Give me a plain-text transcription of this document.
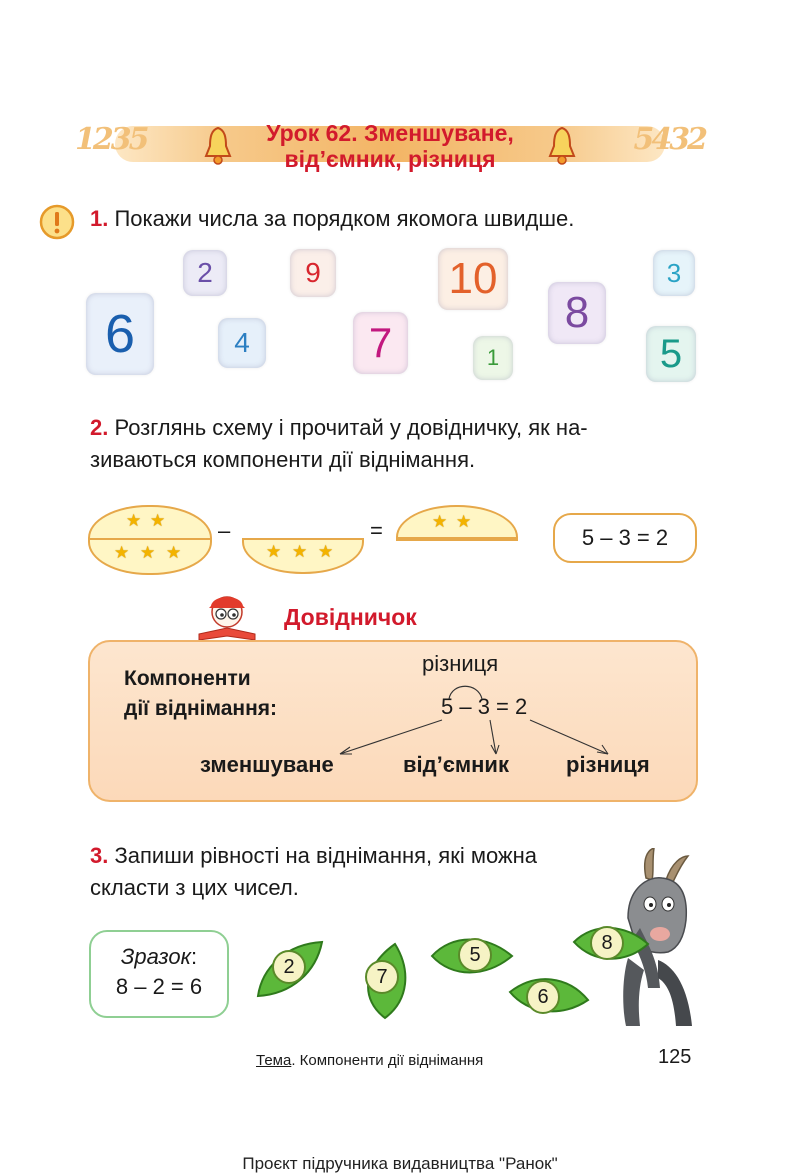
1235	5432
Урок 62. Зменшуване,
від’ємник, різниця
1. Покажи числа за порядком якомога швидше.
6
2
4
9
7
10
1
8
3
5
2. Розглянь схему і прочитай у довідничку, як на-
зиваються компоненти дії віднімання.
★ ★
★ ★ ★
–
★ ★ ★
=	★ ★
5 – 3 = 2
Довідничок
Компоненти
дії віднімання:
різниця
5 – 3 = 2
зменшуване	від’ємник	різниця
3. Запиши рівності на віднімання, які можна
скласти з цих чисел.
Зразок:
8 – 2 = 6
2	7
5
6
8
Тема. Компоненти дії віднімання	125
Проєкт підручника видавництва "Ранок"
